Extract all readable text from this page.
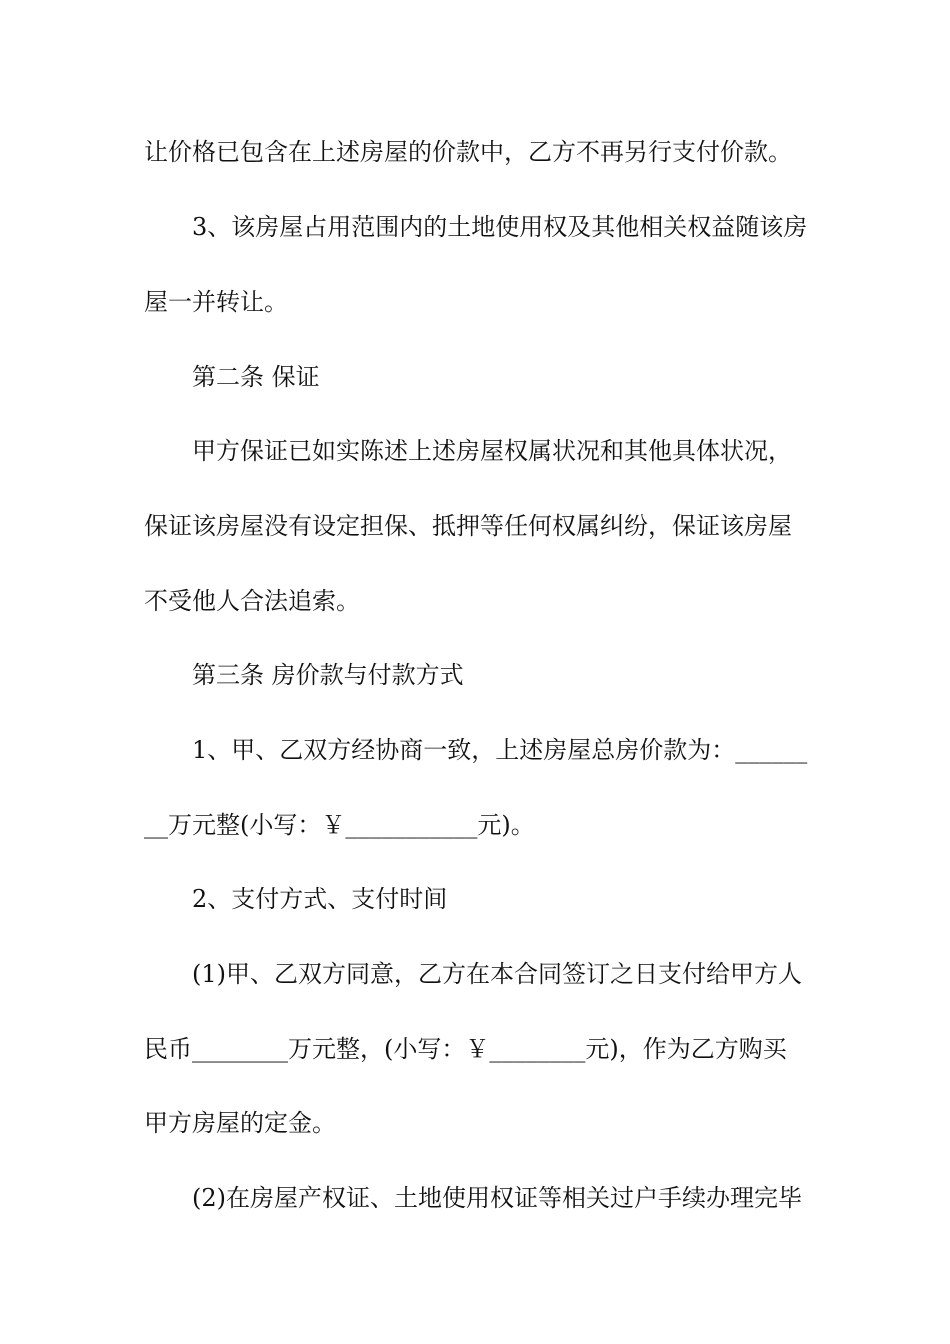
让价格已包含在上述房屋的价款中，乙方不再另行支付价款。
3、该房屋占用范围内的土地使用权及其他相关权益随该房
屋一并转让。
第二条 保证
甲方保证已如实陈述上述房屋权属状况和其他具体状况，
保证该房屋没有设定担保、抵押等任何权属纠纷，保证该房屋
不受他人合法追索。
第三条 房价款与付款方式
1、甲、乙双方经协商一致，上述房屋总房价款为：______
__万元整(小写：￥___________元)。
2、支付方式、支付时间
(1)甲、乙双方同意，乙方在本合同签订之日支付给甲方人
民币________万元整，(小写：￥________元)，作为乙方购买
甲方房屋的定金。
(2)在房屋产权证、土地使用权证等相关过户手续办理完毕
